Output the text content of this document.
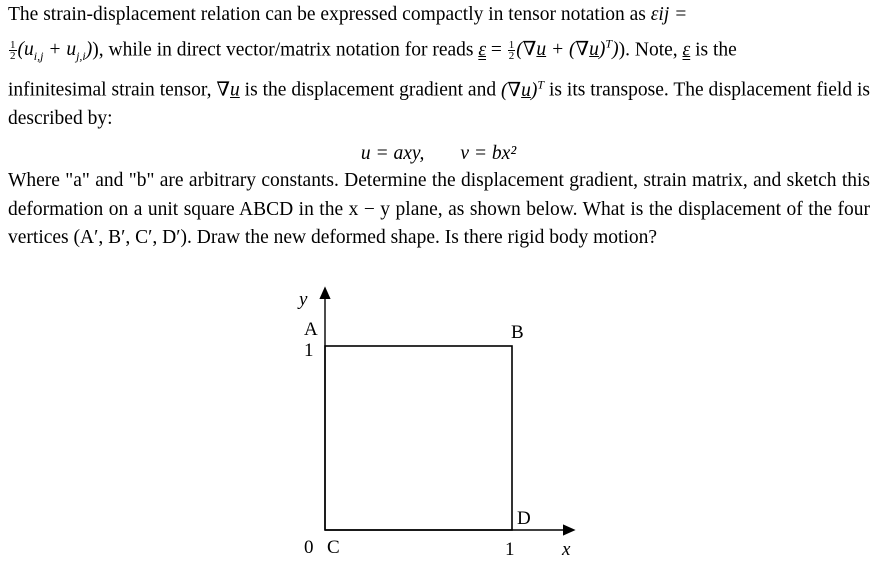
The strain-displacement relation can be expressed compactly in tensor notation as εij =

$\frac{1}{2} (u_{i,j} + u_{j,i})$), while in direct vector/matrix notation for reads $\varepsilon = \frac{1}{2} (\nabla u + (\nabla u)^T)$). Note, ε is the
infinitesimal strain tensor, ∇u is the displacement gradient and $(\nabla u)^T$ is its transpose. The displacement field is described by:
u = axy, v = bx²
Where "a" and "b" are arbitrary constants. Determine the displacement gradient, strain matrix, and sketch this deformation on a unit square ABCD in the x − y plane, as shown below. What is the displacement of the four vertices (A′, B′, C′, D′). Draw the new deformed shape. Is there rigid body motion?
y
A
1
B
D
0 C	1	x
